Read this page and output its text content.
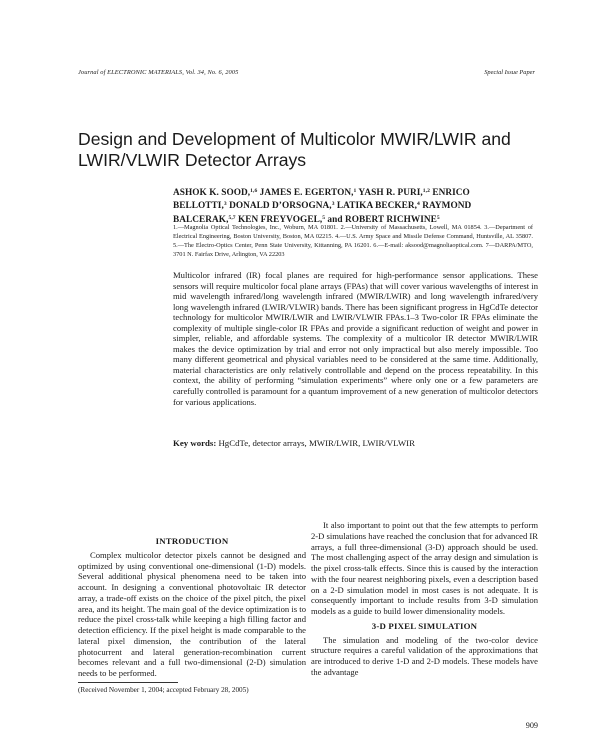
Journal of ELECTRONIC MATERIALS, Vol. 34, No. 6, 2005	Special Issue Paper
Design and Development of Multicolor MWIR/LWIR and LWIR/VLWIR Detector Arrays
ASHOK K. SOOD,$^{1,6}$ JAMES E. EGERTON,$^1$ YASH R. PURI,$^{1,2}$ ENRICO BELLOTTI,$^3$ DONALD D’ORSOGNA,$^3$ LATIKA BECKER,$^4$ RAYMOND BALCERAK,$^{5,7}$ KEN FREYVOGEL,$^5$ and ROBERT RICHWINE$^5$
1.—Magnolia Optical Technologies, Inc., Woburn, MA 01801. 2.—University of Massachusetts, Lowell, MA 01854. 3.—Department of Electrical Engineering, Boston University, Boston, MA 02215. 4.—U.S. Army Space and Missile Defense Command, Huntsville, AL 35807. 5.—The Electro-Optics Center, Penn State University, Kittanning, PA 16201. 6.—E-mail: aksood@magnoliaoptical.com. 7—DARPA/MTO, 3701 N. Fairfax Drive, Arlington, VA 22203
Multicolor infrared (IR) focal planes are required for high-performance sensor applications. These sensors will require multicolor focal plane arrays (FPAs) that will cover various wavelengths of interest in mid wavelength infrared/long wavelength infrared (MWIR/LWIR) and long wavelength infrared/very long wavelength infrared (LWIR/VLWIR) bands. There has been significant progress in HgCdTe detector technology for multicolor MWIR/LWIR and LWIR/VLWIR FPAs.1–3 Two-color IR FPAs eliminate the complexity of multiple single-color IR FPAs and provide a significant reduction of weight and power in simpler, reliable, and affordable systems. The complexity of a multicolor IR detector MWIR/LWIR makes the device optimization by trial and error not only impractical but also merely impossible. Too many different geometrical and physical variables need to be considered at the same time. Additionally, material characteristics are only relatively controllable and depend on the process repeatability. In this context, the ability of performing “simulation experiments” where only one or a few parameters are carefully controlled is paramount for a quantum improvement of a new generation of multicolor detectors for various applications.
Key words: HgCdTe, detector arrays, MWIR/LWIR, LWIR/VLWIR
INTRODUCTION

Complex multicolor detector pixels cannot be designed and optimized by using conventional one-dimensional (1-D) models. Several additional physical phenomena need to be taken into account. In designing a conventional photovoltaic IR detector array, a trade-off exists on the choice of the pixel pitch, the pixel area, and its height. The main goal of the device optimization is to reduce the pixel cross-talk while keeping a high filling factor and detection efficiency. If the pixel height is made comparable to the lateral pixel dimension, the contribution of the lateral photocurrent and lateral generation-recombination current becomes relevant and a full two-dimensional (2-D) simulation needs to be performed.

It also important to point out that the few attempts to perform 2-D simulations have reached the conclusion that for advanced IR arrays, a full three-dimensional (3-D) approach should be used. The most challenging aspect of the array design and simulation is the pixel cross-talk effects. Since this is caused by the interaction with the four nearest neighboring pixels, even a description based on a 2-D simulation model in most cases is not adequate. It is consequently important to include results from 3-D simulation models as a guide to build lower dimensionality models.

3-D PIXEL SIMULATION

The simulation and modeling of the two-color device structure requires a careful validation of the approximations that are introduced to derive 1-D and 2-D models. These models have the advantage

(Received November 1, 2004; accepted February 28, 2005)
909
